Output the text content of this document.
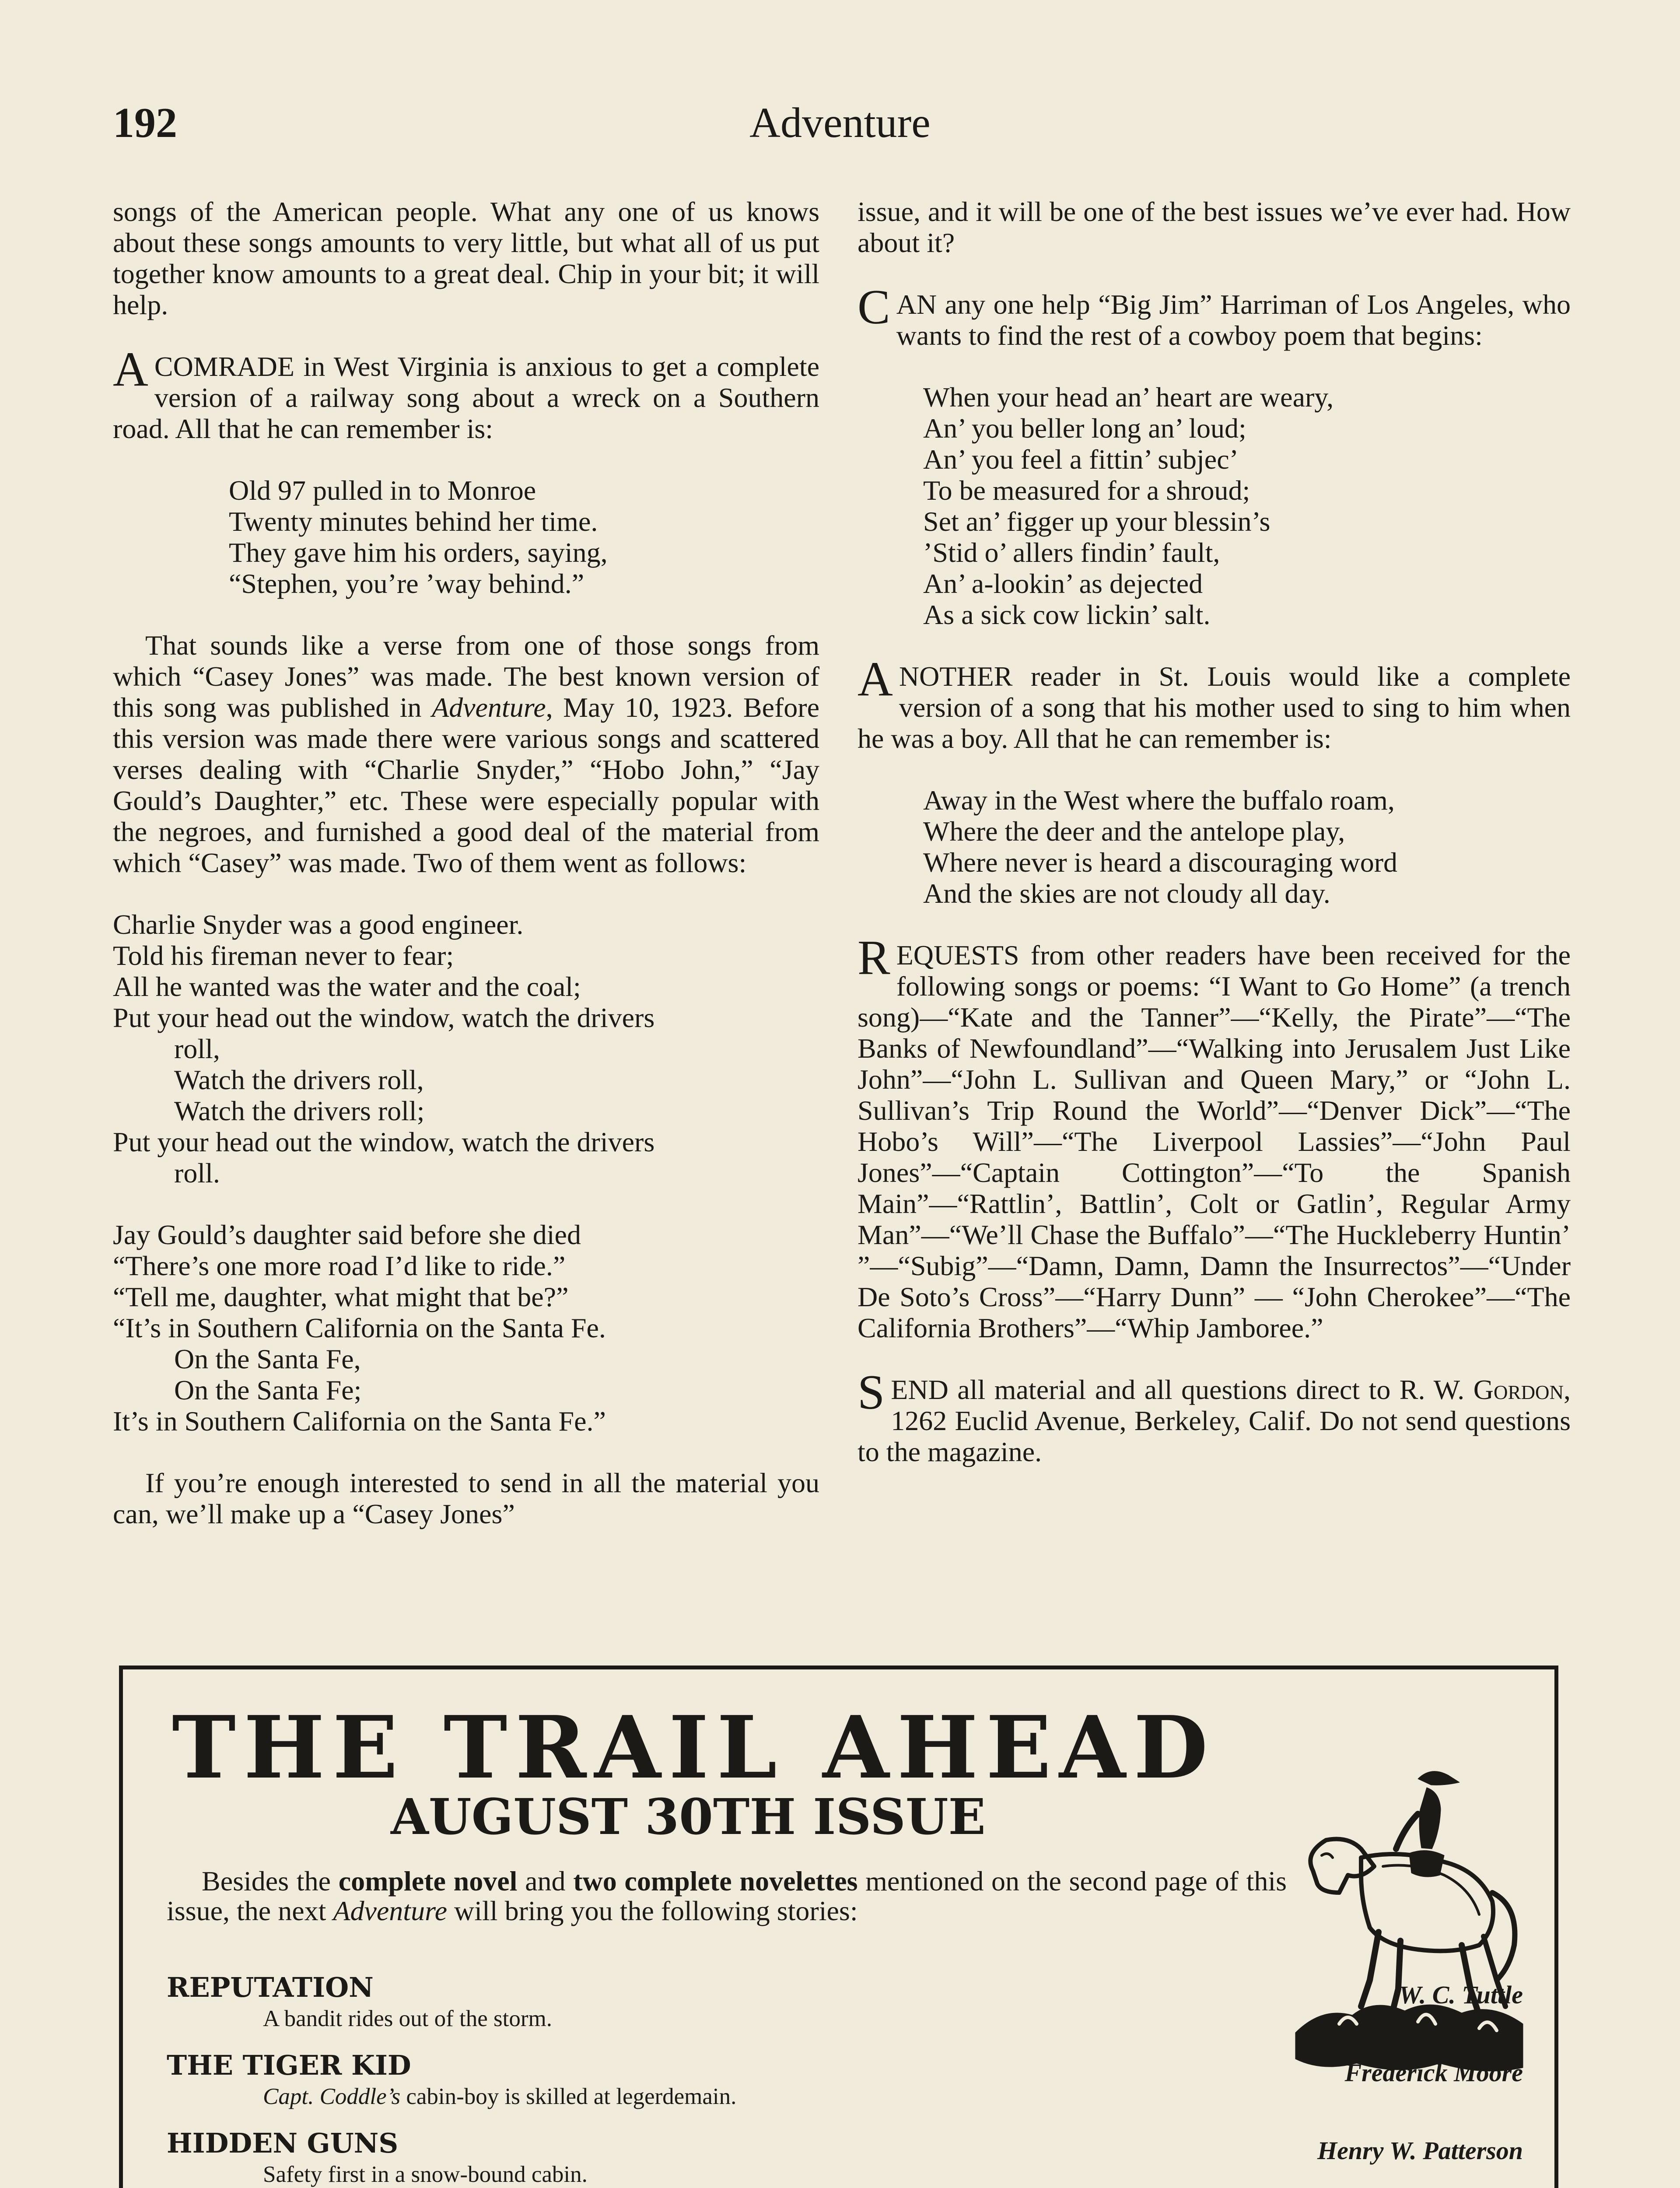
192	Adventure

songs of the American people. What any one of us knows about these songs amounts to very little, but what all of us put together know amounts to a great deal. Chip in your bit; it will help.

ACOMRADE in West Virginia is anxious to get a complete version of a railway song about a wreck on a Southern road. All that he can remember is:

Old 97 pulled in to Monroe
Twenty minutes behind her time.
They gave him his orders, saying,
“Stephen, you’re ’way behind.”

That sounds like a verse from one of those songs from which “Casey Jones” was made. The best known version of this song was published in Adventure, May 10, 1923. Before this version was made there were various songs and scattered verses dealing with “Charlie Snyder,” “Hobo John,” “Jay Gould’s Daughter,” etc. These were especially popular with the negroes, and furnished a good deal of the material from which “Casey” was made. Two of them went as follows:

Charlie Snyder was a good engineer.
Told his fireman never to fear;
All he wanted was the water and the coal;
Put your head out the window, watch the drivers
roll,
Watch the drivers roll,
Watch the drivers roll;
Put your head out the window, watch the drivers
roll.
Jay Gould’s daughter said before she died
“There’s one more road I’d like to ride.”
“Tell me, daughter, what might that be?”
“It’s in Southern California on the Santa Fe.
On the Santa Fe,
On the Santa Fe;
It’s in Southern California on the Santa Fe.”

If you’re enough interested to send in all the material you can, we’ll make up a “Casey Jones”

issue, and it will be one of the best issues we’ve ever had. How about it?

CAN any one help “Big Jim” Harriman of Los Angeles, who wants to find the rest of a cowboy poem that begins:

When your head an’ heart are weary,
An’ you beller long an’ loud;
An’ you feel a fittin’ subjec’
To be measured for a shroud;
Set an’ figger up your blessin’s
’Stid o’ allers findin’ fault,
An’ a-lookin’ as dejected
As a sick cow lickin’ salt.

ANOTHER reader in St. Louis would like a complete version of a song that his mother used to sing to him when he was a boy. All that he can remember is:

Away in the West where the buffalo roam,
Where the deer and the antelope play,
Where never is heard a discouraging word
And the skies are not cloudy all day.

REQUESTS from other readers have been received for the following songs or poems: “I Want to Go Home” (a trench song)—“Kate and the Tanner”—“Kelly, the Pirate”—“The Banks of Newfoundland”—“Walking into Jerusalem Just Like John”—“John L. Sullivan and Queen Mary,” or “John L. Sullivan’s Trip Round the World”—“Denver Dick”—“The Hobo’s Will”—“The Liverpool Lassies”—“John Paul Jones”—“Captain Cottington”—“To the Spanish Main”—“Rattlin’, Battlin’, Colt or Gatlin’, Regular Army Man”—“We’ll Chase the Buffalo”—“The Huckleberry Huntin’ ”—“Subig”—“Damn, Damn, Damn the Insurrectos”—“Under De Soto’s Cross”—“Harry Dunn” — “John Cherokee”—“The California Brothers”—“Whip Jamboree.”

SEND all material and all questions direct to R. W. Gordon, 1262 Euclid Avenue, Berkeley, Calif. Do not send questions to the magazine.

THE TRAIL AHEAD
AUGUST 30TH ISSUE
Besides the complete novel and two complete novelettes mentioned on the second page of this issue, the next Adventure will bring you the following stories:
REPUTATION
A bandit rides out of the storm.
W. C. Tuttle
THE TIGER KID
Capt. Coddle’s cabin-boy is skilled at legerdemain.
Frederick Moore
HIDDEN GUNS
Safety first in a snow-bound cabin.
Henry W. Patterson
